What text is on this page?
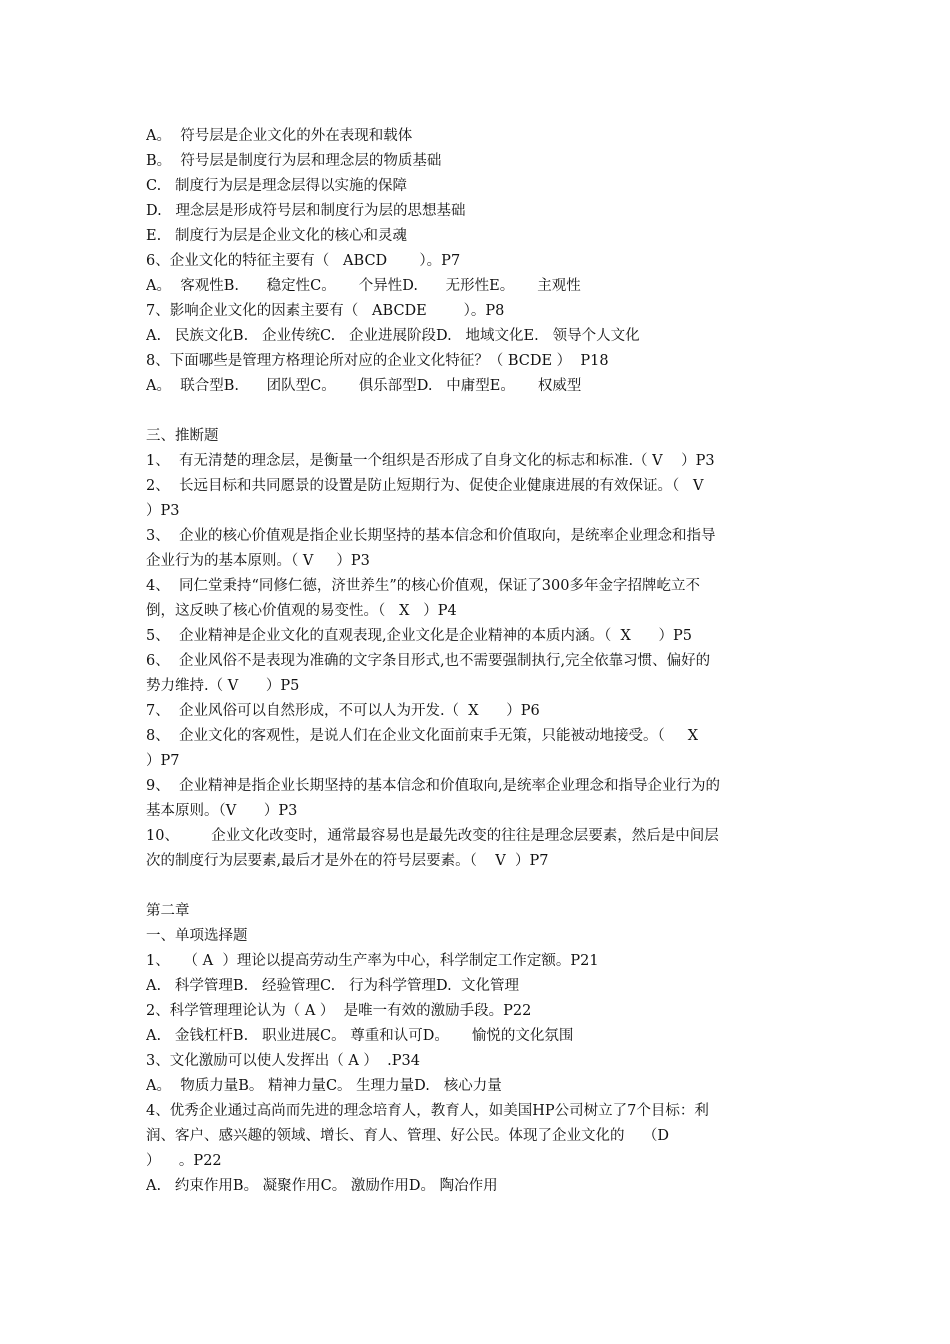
A。  符号层是企业文化的外在表现和载体
B。  符号层是制度行为层和理念层的物质基础
C.   制度行为层是理念层得以实施的保障
D.   理念层是形成符号层和制度行为层的思想基础
E.   制度行为层是企业文化的核心和灵魂
6、企业文化的特征主要有（   ABCD       ）。P7
A。  客观性B.      稳定性C。     个异性D.      无形性E。     主观性
7、影响企业文化的因素主要有（   ABCDE        ）。P8
A.   民族文化B.   企业传统C.   企业进展阶段D.   地域文化E.   领导个人文化
8、下面哪些是管理方格理论所对应的企业文化特征？（ BCDE ）  P18
A。  联合型B.      团队型C。     俱乐部型D.   中庸型E。     权威型
三、推断题
1、  有无清楚的理念层，是衡量一个组织是否形成了自身文化的标志和标准.（ V    ）P3
2、  长远目标和共同愿景的设置是防止短期行为、促使企业健康进展的有效保证。（   V
）P3
3、  企业的核心价值观是指企业长期坚持的基本信念和价值取向，是统率企业理念和指导
企业行为的基本原则。（ V     ）P3
4、  同仁堂秉持“同修仁德，济世养生”的核心价值观，保证了300多年金字招牌屹立不
倒，这反映了核心价值观的易变性。（   X   ）P4
5、  企业精神是企业文化的直观表现,企业文化是企业精神的本质内涵。（  X      ）P5
6、  企业风俗不是表现为准确的文字条目形式,也不需要强制执行,完全依靠习惯、偏好的
势力维持.（ V      ）P5
7、  企业风俗可以自然形成，不可以人为开发.（  X      ）P6
8、  企业文化的客观性，是说人们在企业文化面前束手无策，只能被动地接受。（     X
）P7
9、  企业精神是指企业长期坚持的基本信念和价值取向,是统率企业理念和指导企业行为的
基本原则。（V      ）P3
10、       企业文化改变时，通常最容易也是最先改变的往往是理念层要素，然后是中间层
次的制度行为层要素,最后才是外在的符号层要素。（    V  ）P7
第二章
一、单项选择题
1、   （ A  ）理论以提高劳动生产率为中心，科学制定工作定额。P21
A.   科学管理B.   经验管理C.   行为科学管理D.  文化管理
2、科学管理理论认为（ A ）  是唯一有效的激励手段。P22
A.   金钱杠杆B.   职业进展C。 尊重和认可D。     愉悦的文化氛围
3、文化激励可以使人发挥出（ A ）  .P34
A。  物质力量B。 精神力量C。 生理力量D.   核心力量
4、优秀企业通过高尚而先进的理念培育人，教育人，如美国HP公司树立了7个目标：利
润、客户、感兴趣的领域、增长、育人、管理、好公民。体现了企业文化的    （D
）    。P22
A.   约束作用B。 凝聚作用C。 激励作用D。 陶冶作用
